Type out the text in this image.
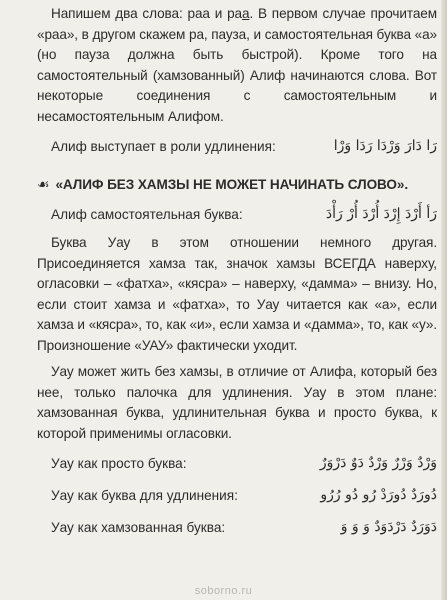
Напишем два слова: раа и раа. В первом случае прочитаем «раа», в другом скажем ра, пауза, и самостоятельная буква «а» (но пауза должна быть быстрой). Кроме того на самостоятельный (хамзованный) Алиф начинаются слова. Вот некоторые соединения с самостоятельным и несамостоятельным Алифом.

Алиф выступает в роли удлинения:	رَا دَارَ وَرْدَا رَدَا وَرْا
☙ «АЛИФ БЕЗ ХАМЗЫ НЕ МОЖЕТ НАЧИНАТЬ СЛОВО».
Алиф самостоятельная буква:	رَأ أَرْدَ إِرْدَ أُرْدَ أُرْ رَأْدَ

Буква Уау в этом отношении немного другая. Присоединяется хамза так, значок хамзы ВСЕГДА наверху, огласовки – «фатха», «кясра» – наверху, «дамма» – внизу. Но, если стоит хамза и «фатха», то Уау читается как «а», если хамза и «кясра», то, как «и», если хамза и «дамма», то, как «у». Произношение «УАУ» фактически уходит.

Уау может жить без хамзы, в отличие от Алифа, который без нее, только палочка для удлинения. Уау в этом плане: хамзованная буква, удлинительная буква и просто буква, к которой применимы огласовки.

Уау как просто буква:	وَرْدٌ وَرْرٌ وَرْدٌ دَوٌ دَرْوَرٌ
Уау как буква для удлинения:	دُورَدٌ دُورَدْ رُو دُو رُرُو
Уау как хамзованная буква:	دَوَرَدٌ دَرْدَوَدٌ وَ وَ وَ
soborno.ru
